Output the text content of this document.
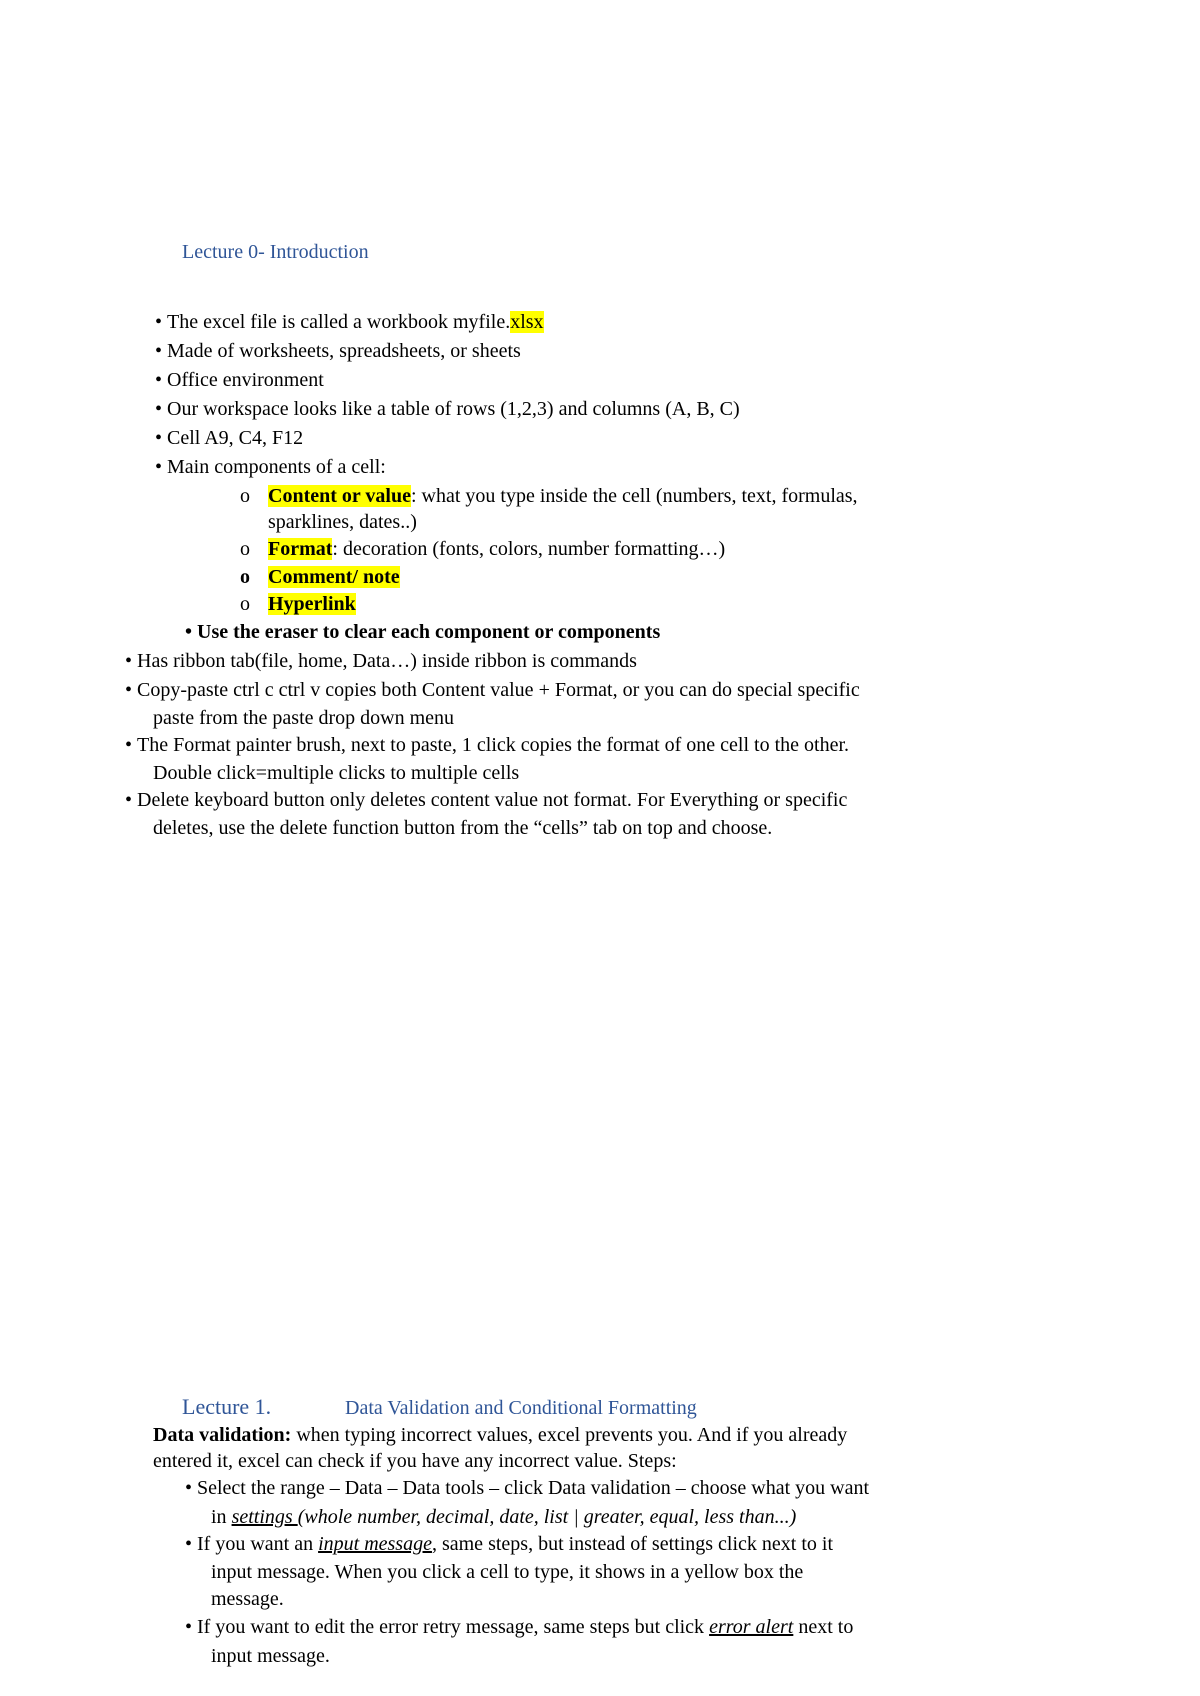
Lecture 0- Introduction
• The excel file is called a workbook myfile.xlsx
• Made of worksheets, spreadsheets, or sheets
• Office environment
• Our workspace looks like a table of rows (1,2,3) and columns (A, B, C)
• Cell A9, C4, F12
• Main components of a cell:
o Content or value: what you type inside the cell (numbers, text, formulas,
sparklines, dates..)
o Format: decoration (fonts, colors, number formatting…)
o Comment/ note
o Hyperlink
• Use the eraser to clear each component or components
• Has ribbon tab(file, home, Data…) inside ribbon is commands
• Copy-paste ctrl c ctrl v copies both Content value + Format, or you can do special specific
paste from the paste drop down menu
• The Format painter brush, next to paste, 1 click copies the format of one cell to the other.
Double click=multiple clicks to multiple cells
• Delete keyboard button only deletes content value not format. For Everything or specific
deletes, use the delete function button from the “cells” tab on top and choose.
Lecture 1.	Data Validation and Conditional Formatting
Data validation: when typing incorrect values, excel prevents you. And if you already
entered it, excel can check if you have any incorrect value. Steps:
• Select the range – Data – Data tools – click Data validation – choose what you want
in settings (whole number, decimal, date, list | greater, equal, less than...)
• If you want an input message, same steps, but instead of settings click next to it
input message. When you click a cell to type, it shows in a yellow box the
message.
• If you want to edit the error retry message, same steps but click error alert next to
input message.
